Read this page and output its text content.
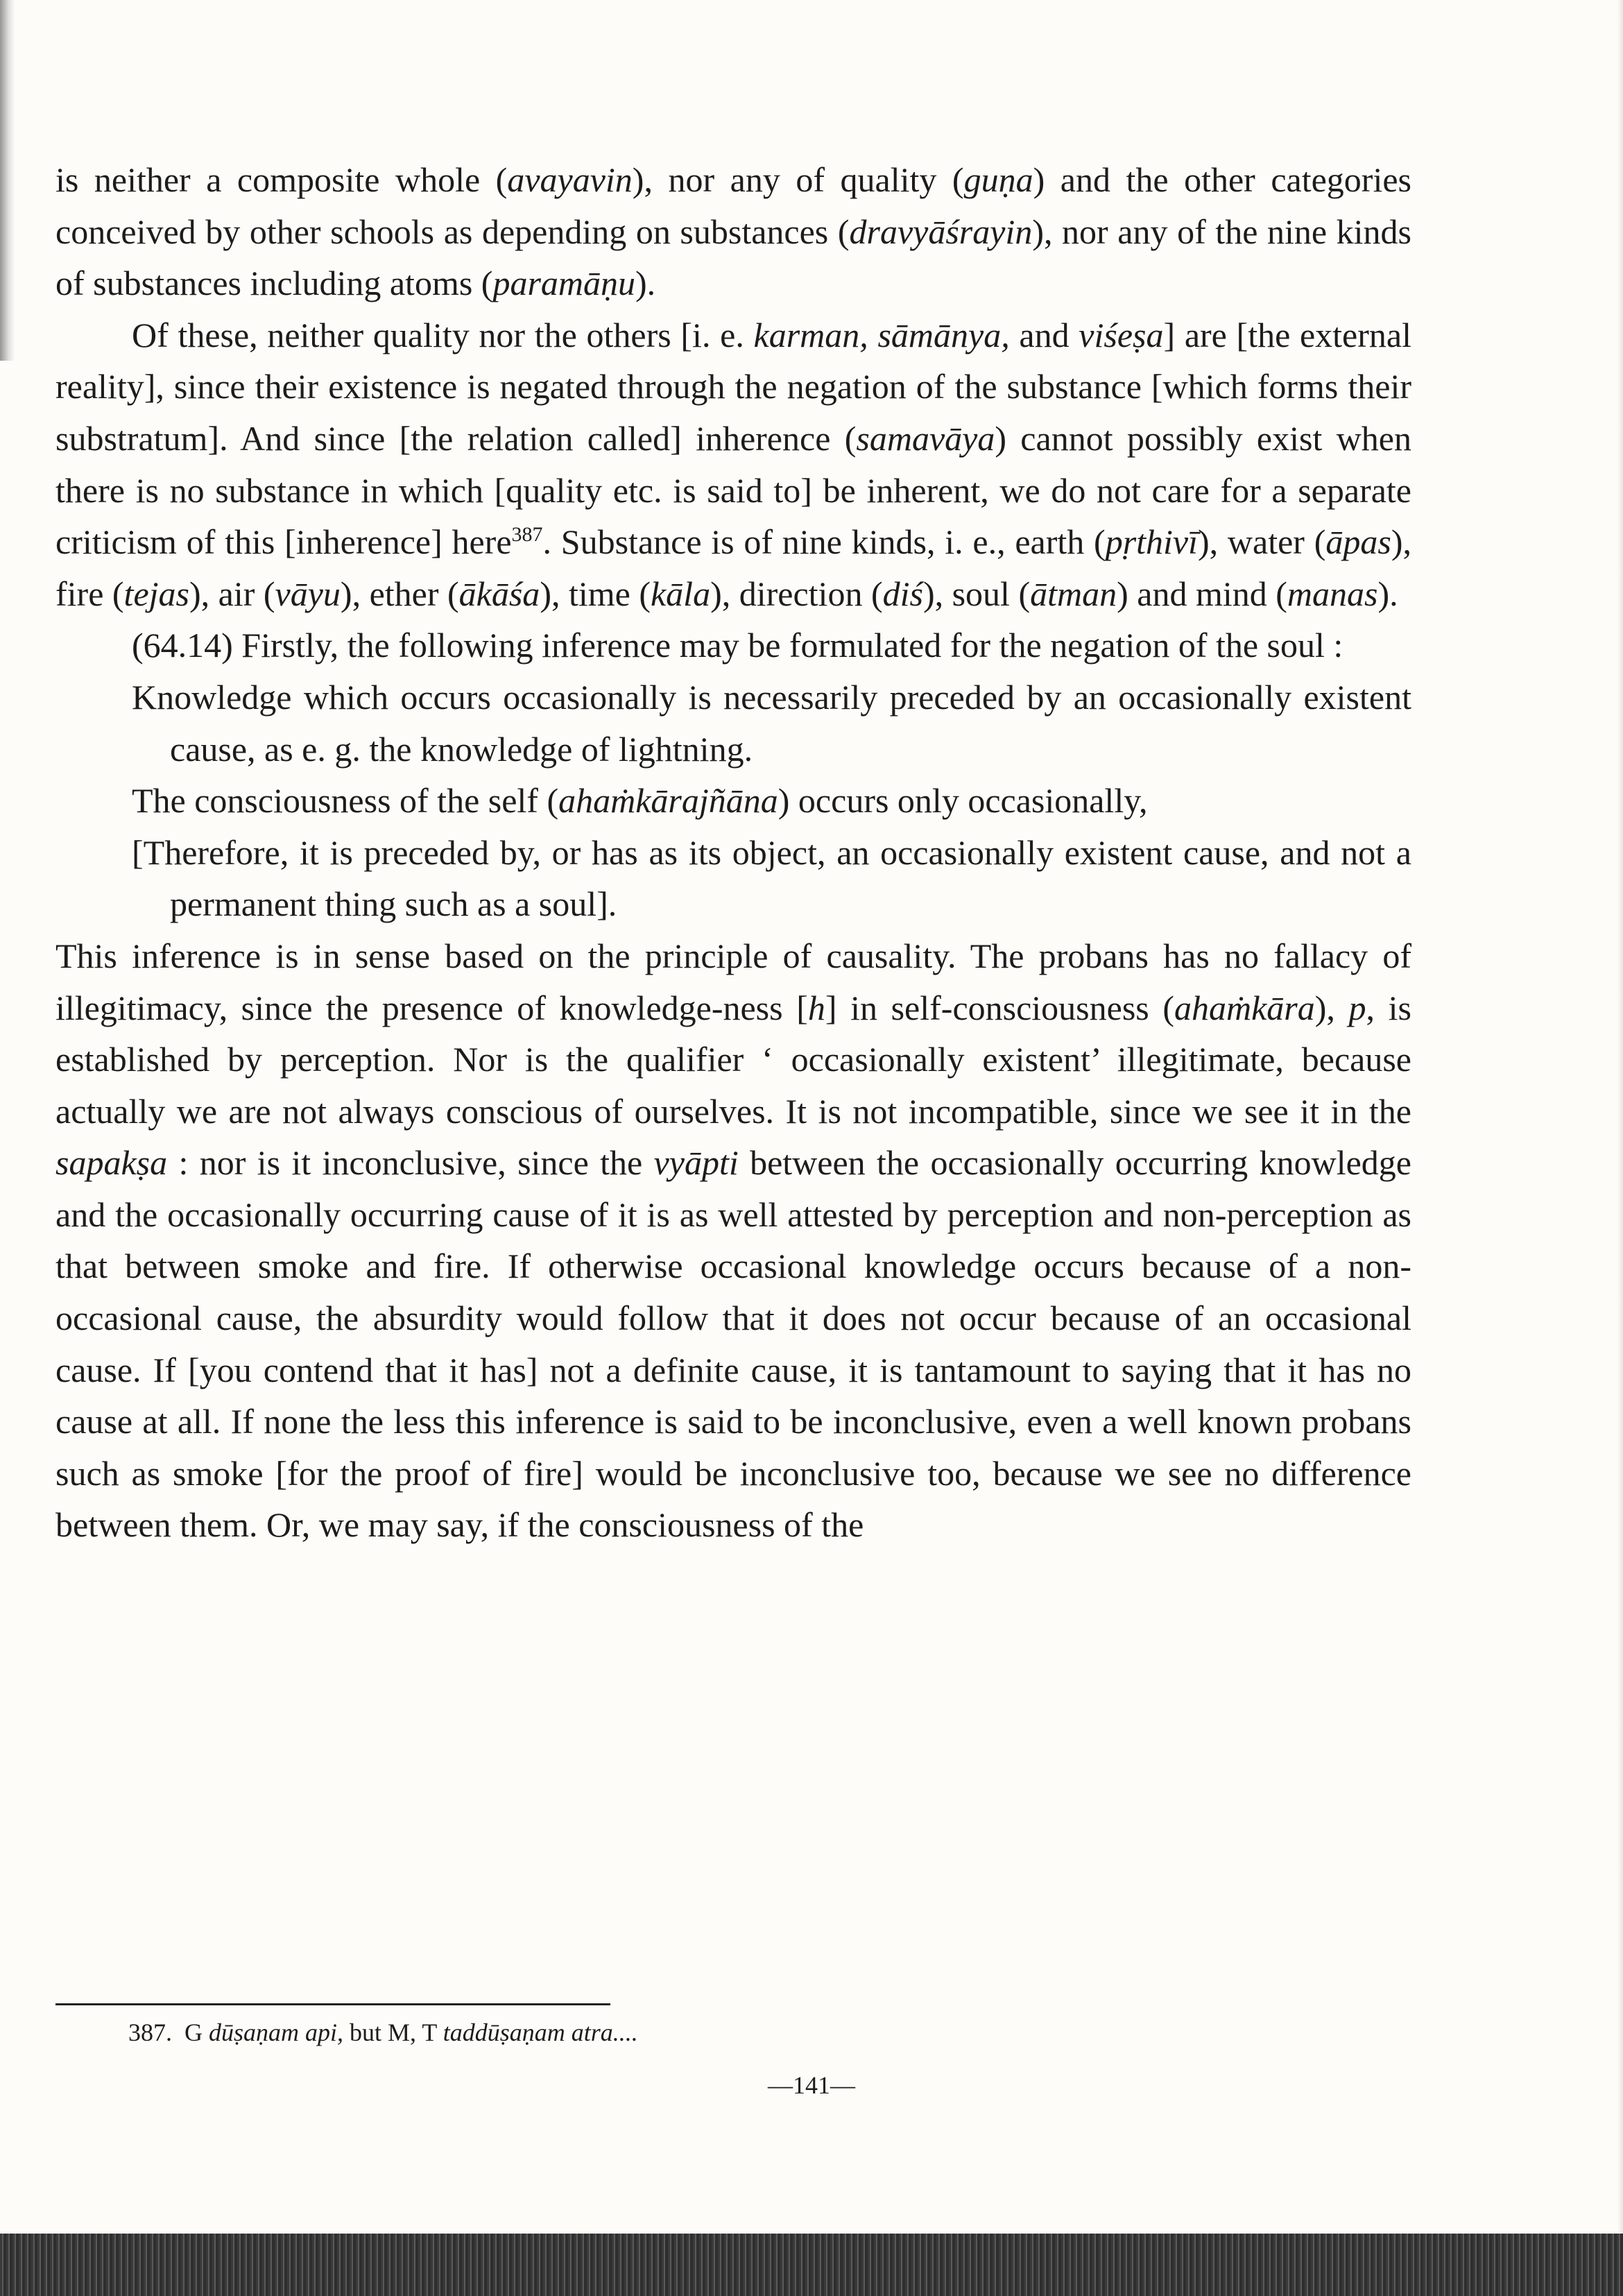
is neither a composite whole (avayavin), nor any of quality (guṇa) and the other categories conceived by other schools as depending on substances (dravyāśrayin), nor any of the nine kinds of substances including atoms (paramāṇu).

Of these, neither quality nor the others [i. e. karman, sāmānya, and viśeṣa] are [the external reality], since their existence is negated through the negation of the substance [which forms their substratum]. And since [the relation called] inherence (samavāya) cannot possibly exist when there is no substance in which [quality etc. is said to] be inherent, we do not care for a separate criticism of this [inherence] here$^{387}$. Substance is of nine kinds, i. e., earth (pṛthivī), water (āpas), fire (tejas), air (vāyu), ether (ākāśa), time (kāla), direction (diś), soul (ātman) and mind (manas).

(64.14) Firstly, the following inference may be formulated for the negation of the soul :

Knowledge which occurs occasionally is necessarily preceded by an occasionally existent cause, as e. g. the knowledge of lightning.

The consciousness of the self (ahaṁkārajñāna) occurs only occasionally,

[Therefore, it is preceded by, or has as its object, an occasionally existent cause, and not a permanent thing such as a soul].

This inference is in sense based on the principle of causality. The probans has no fallacy of illegitimacy, since the presence of knowledge-ness [h] in self-consciousness (ahaṁkāra), p, is established by perception. Nor is the qualifier ‘ occasionally existent’ illegitimate, because actually we are not always conscious of ourselves. It is not incompatible, since we see it in the sapakṣa : nor is it inconclusive, since the vyāpti between the occasionally occurring knowledge and the occasionally occurring cause of it is as well attested by perception and non-perception as that between smoke and fire. If otherwise occasional knowledge occurs because of a non-occasional cause, the absurdity would follow that it does not occur because of an occasional cause. If [you contend that it has] not a definite cause, it is tantamount to saying that it has no cause at all. If none the less this inference is said to be inconclusive, even a well known probans such as smoke [for the proof of fire] would be inconclusive too, because we see no difference between them. Or, we may say, if the consciousness of the

387. G dūṣaṇam api, but M, T taddūṣaṇam atra....
—141—
